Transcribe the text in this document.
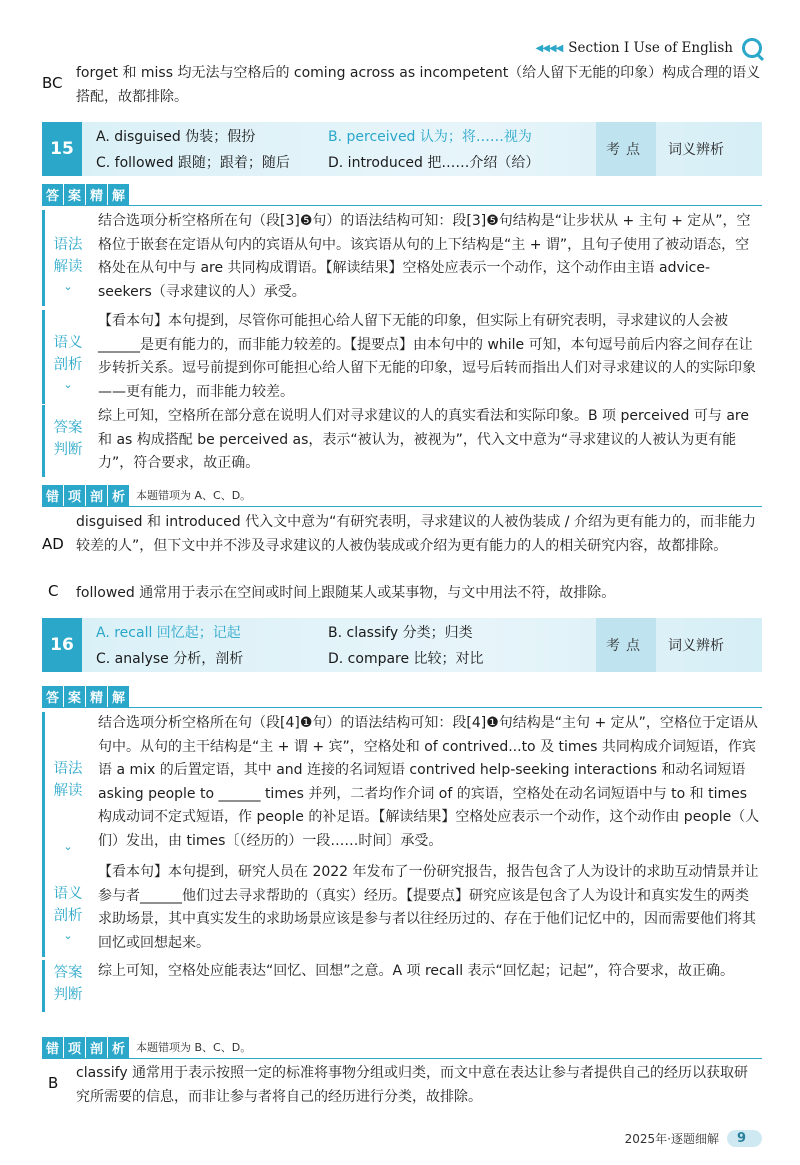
◀◀◀◀ Section I Use of English
BC
forget 和 miss 均无法与空格后的 coming across as incompetent（给人留下无能的印象）构成合理的语义搭配，故都排除。
15
A. disguised 伪装；假扮	B. perceived 认为；将……视为
C. followed 跟随；跟着；随后	D. introduced 把……介绍（给）
考点	词义辨析
答 案 精 解
语法解读
⌄
结合选项分析空格所在句（段[3]❺句）的语法结构可知：段[3]❺句结构是“让步状从 + 主句 + 定从”，空格位于嵌套在定语从句内的宾语从句中。该宾语从句的上下结构是“主 + 谓”，且句子使用了被动语态，空格处在从句中与 are 共同构成谓语。【解读结果】空格处应表示一个动作，这个动作由主语 advice-seekers（寻求建议的人）承受。
语义剖析
⌄
【看本句】本句提到，尽管你可能担心给人留下无能的印象，但实际上有研究表明，寻求建议的人会被______是更有能力的，而非能力较差的。【提要点】由本句中的 while 可知，本句逗号前后内容之间存在让步转折关系。逗号前提到你可能担心给人留下无能的印象，逗号后转而指出人们对寻求建议的人的实际印象——更有能力，而非能力较差。
答案判断
综上可知，空格所在部分意在说明人们对寻求建议的人的真实看法和实际印象。B 项 perceived 可与 are 和 as 构成搭配 be perceived as，表示“被认为，被视为”，代入文中意为“寻求建议的人被认为更有能力”，符合要求，故正确。
错 项 剖 析	本题错项为 A、C、D。
AD
disguised 和 introduced 代入文中意为“有研究表明，寻求建议的人被伪装成 / 介绍为更有能力的，而非能力较差的人”，但下文中并不涉及寻求建议的人被伪装成或介绍为更有能力的人的相关研究内容，故都排除。
C	followed 通常用于表示在空间或时间上跟随某人或某事物，与文中用法不符，故排除。
16
A. recall 回忆起；记起	B. classify 分类；归类
C. analyse 分析，剖析	D. compare 比较；对比
考点	词义辨析
答 案 精 解
语法解读
⌄
结合选项分析空格所在句（段[4]❶句）的语法结构可知：段[4]❶句结构是“主句 + 定从”，空格位于定语从句中。从句的主干结构是“主 + 谓 + 宾”，空格处和 of contrived...to 及 times 共同构成介词短语，作宾语 a mix 的后置定语，其中 and 连接的名词短语 contrived help-seeking interactions 和动名词短语 asking people to ______ times 并列，二者均作介词 of 的宾语，空格处在动名词短语中与 to 和 times 构成动词不定式短语，作 people 的补足语。【解读结果】空格处应表示一个动作，这个动作由 people（人们）发出，由 times〔（经历的）一段……时间〕承受。
语义剖析
⌄
【看本句】本句提到，研究人员在 2022 年发布了一份研究报告，报告包含了人为设计的求助互动情景并让参与者______他们过去寻求帮助的（真实）经历。【提要点】研究应该是包含了人为设计和真实发生的两类求助场景，其中真实发生的求助场景应该是参与者以往经历过的、存在于他们记忆中的，因而需要他们将其回忆或回想起来。
答案判断
综上可知，空格处应能表达“回忆、回想”之意。A 项 recall 表示“回忆起；记起”，符合要求，故正确。
错 项 剖 析	本题错项为 B、C、D。
B
classify 通常用于表示按照一定的标准将事物分组或归类，而文中意在表达让参与者提供自己的经历以获取研究所需要的信息，而非让参与者将自己的经历进行分类，故排除。
2025年·逐题细解	9
